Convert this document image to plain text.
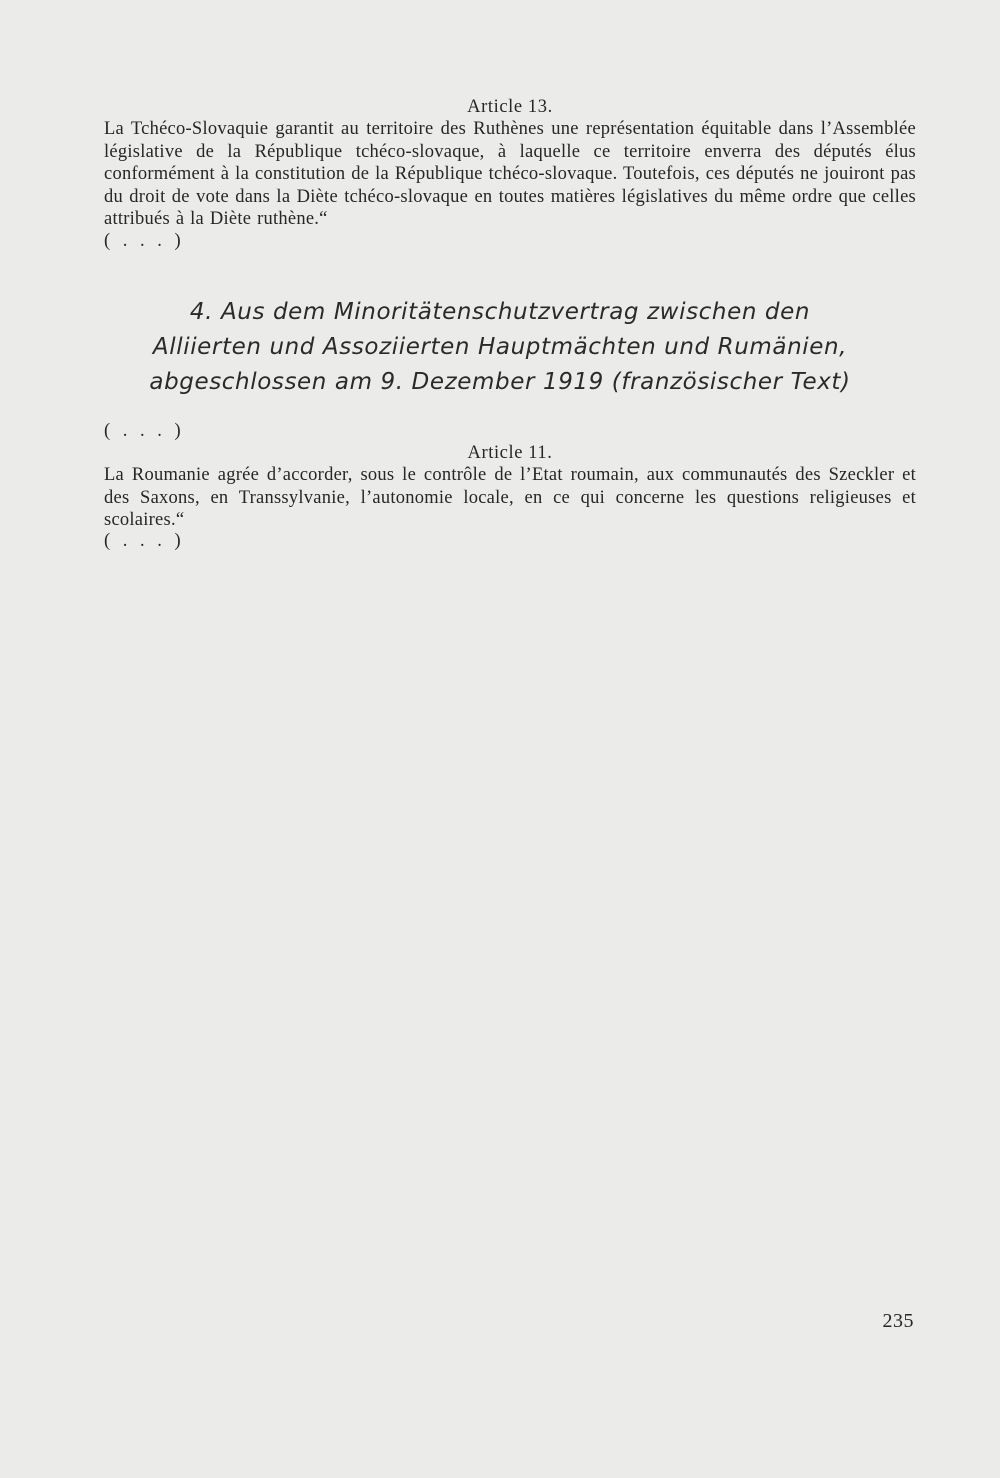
Article 13.

La Tchéco-Slovaquie garantit au territoire des Ruthènes une représentation équitable dans l’Assemblée législative de la République tchéco-slovaque, à laquelle ce territoire enverra des députés élus conformément à la constitution de la République tchéco-slovaque. Toutefois, ces députés ne jouiront pas du droit de vote dans la Diète tchéco-slovaque en toutes matières législatives du même ordre que celles attribués à la Diète ruthène.“

( . . . )
4. Aus dem Minoritätenschutzvertrag zwischen den
Alliierten und Assoziierten Hauptmächten und Rumänien,
abgeschlossen am 9. Dezember 1919 (französischer Text)
( . . . )
Article 11.

La Roumanie agrée d’accorder, sous le contrôle de l’Etat roumain, aux communautés des Szeckler et des Saxons, en Transsylvanie, l’autonomie locale, en ce qui concerne les questions religieuses et scolaires.“

( . . . )
235
